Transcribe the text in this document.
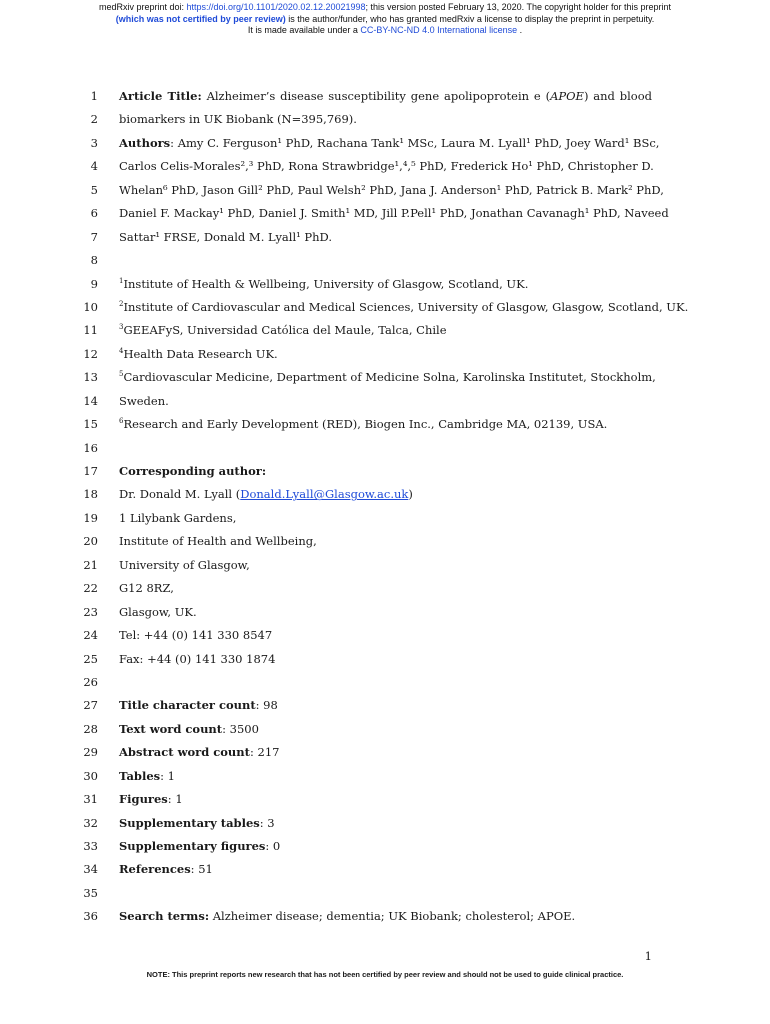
medRxiv preprint doi: https://doi.org/10.1101/2020.02.12.20021998; this version posted February 13, 2020. The copyright holder for this preprint
(which was not certified by peer review) is the author/funder, who has granted medRxiv a license to display the preprint in perpetuity.
It is made available under a CC-BY-NC-ND 4.0 International license .
1 Article Title: Alzheimer’s disease susceptibility gene apolipoprotein e (APOE) and blood
2 biomarkers in UK Biobank (N=395,769).
3 Authors: Amy C. Ferguson¹ PhD, Rachana Tank¹ MSc, Laura M. Lyall¹ PhD, Joey Ward¹ BSc,
4 Carlos Celis-Morales²,³ PhD, Rona Strawbridge¹,⁴,⁵ PhD, Frederick Ho¹ PhD, Christopher D.
5 Whelan⁶ PhD, Jason Gill² PhD, Paul Welsh² PhD, Jana J. Anderson¹ PhD, Patrick B. Mark² PhD,
6 Daniel F. Mackay¹ PhD, Daniel J. Smith¹ MD, Jill P.Pell¹ PhD, Jonathan Cavanagh¹ PhD, Naveed
7 Sattar¹ FRSE, Donald M. Lyall¹ PhD.
8
9	$^1$Institute of Health & Wellbeing, University of Glasgow, Scotland, UK.
10	$^2$Institute of Cardiovascular and Medical Sciences, University of Glasgow, Glasgow, Scotland, UK.
11	$^3$GEEAFyS, Universidad Católica del Maule, Talca, Chile
12	$^4$Health Data Research UK.
13	$^5$Cardiovascular Medicine, Department of Medicine Solna, Karolinska Institutet, Stockholm,
14 Sweden.
15	$^6$Research and Early Development (RED), Biogen Inc., Cambridge MA, 02139, USA.
16
17 Corresponding author:
18 Dr. Donald M. Lyall (Donald.Lyall@Glasgow.ac.uk)
19 1 Lilybank Gardens,
20 Institute of Health and Wellbeing,
21 University of Glasgow,
22 G12 8RZ,
23 Glasgow, UK.
24 Tel: +44 (0) 141 330 8547
25 Fax: +44 (0) 141 330 1874
26
27 Title character count: 98
28 Text word count: 3500
29 Abstract word count: 217
30 Tables: 1
31 Figures: 1
32 Supplementary tables: 3
33 Supplementary figures: 0
34 References: 51
35
36 Search terms: Alzheimer disease; dementia; UK Biobank; cholesterol; APOE.
1
NOTE: This preprint reports new research that has not been certified by peer review and should not be used to guide clinical practice.
